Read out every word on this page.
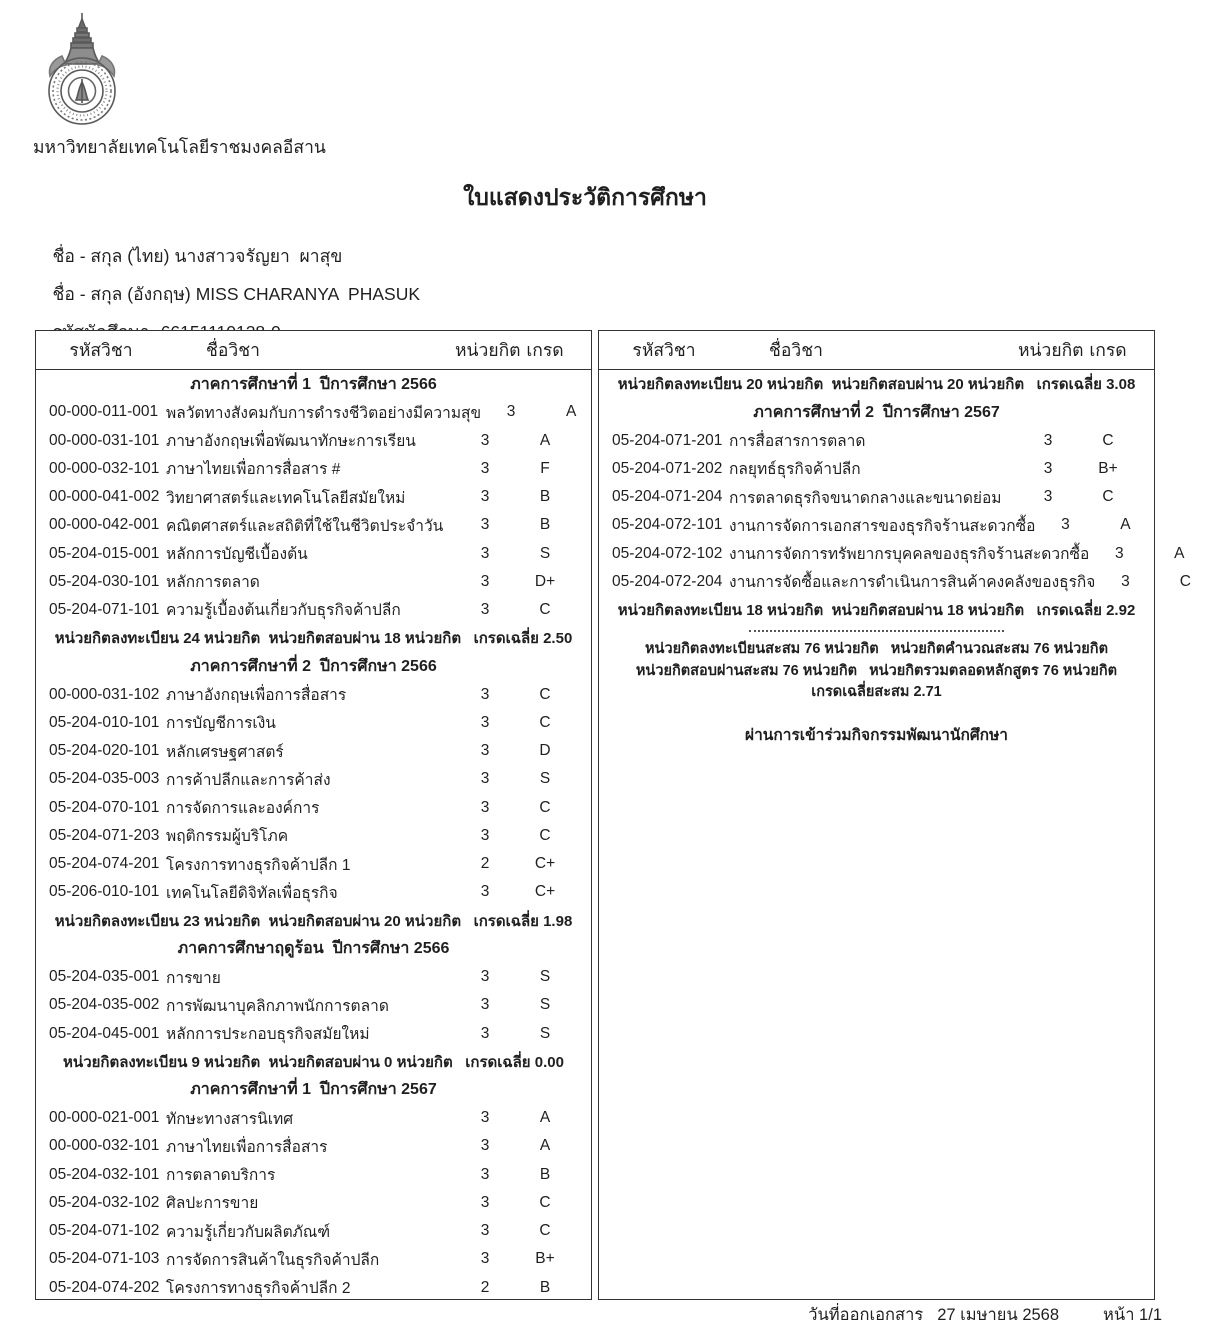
มหาวิทยาลัยเทคโนโลยีราชมงคลอีสาน
ใบแสดงประวัติการศึกษา

ชื่อ - สกุล (ไทย) นางสาวจรัญยา  ผาสุข

ชื่อ - สกุล (อังกฤษ) MISS CHARANYA  PHASUK

รหัสวิชา	ชื่อวิชา	หน่วยกิต เกรด
ภาคการศึกษาที่ 1  ปีการศึกษา 2566
00-000-011-001 พลวัตทางสังคมกับการดำรงชีวิตอย่างมีความสุข	3	A
00-000-031-101 ภาษาอังกฤษเพื่อพัฒนาทักษะการเรียน	3	A
00-000-032-101 ภาษาไทยเพื่อการสื่อสาร #	3	F
00-000-041-002 วิทยาศาสตร์และเทคโนโลยีสมัยใหม่	3	B
00-000-042-001 คณิตศาสตร์และสถิติที่ใช้ในชีวิตประจำวัน	3	B
05-204-015-001 หลักการบัญชีเบื้องต้น	3	S
05-204-030-101 หลักการตลาด	3	D+
05-204-071-101 ความรู้เบื้องต้นเกี่ยวกับธุรกิจค้าปลีก	3	C
หน่วยกิตลงทะเบียน 24 หน่วยกิต  หน่วยกิตสอบผ่าน 18 หน่วยกิต   เกรดเฉลี่ย 2.50
ภาคการศึกษาที่ 2  ปีการศึกษา 2566
00-000-031-102 ภาษาอังกฤษเพื่อการสื่อสาร	3	C
05-204-010-101 การบัญชีการเงิน	3	C
05-204-020-101 หลักเศรษฐศาสตร์	3	D
05-204-035-003 การค้าปลีกและการค้าส่ง	3	S
05-204-070-101 การจัดการและองค์การ	3	C
05-204-071-203 พฤติกรรมผู้บริโภค	3	C
05-204-074-201 โครงการทางธุรกิจค้าปลีก 1	2	C+
05-206-010-101 เทคโนโลยีดิจิทัลเพื่อธุรกิจ	3	C+
หน่วยกิตลงทะเบียน 23 หน่วยกิต  หน่วยกิตสอบผ่าน 20 หน่วยกิต   เกรดเฉลี่ย 1.98
ภาคการศึกษาฤดูร้อน  ปีการศึกษา 2566
05-204-035-001 การขาย	3	S
05-204-035-002 การพัฒนาบุคลิกภาพนักการตลาด	3	S
05-204-045-001 หลักการประกอบธุรกิจสมัยใหม่	3	S
หน่วยกิตลงทะเบียน 9 หน่วยกิต  หน่วยกิตสอบผ่าน 0 หน่วยกิต   เกรดเฉลี่ย 0.00
ภาคการศึกษาที่ 1  ปีการศึกษา 2567
00-000-021-001 ทักษะทางสารนิเทศ	3	A
00-000-032-101 ภาษาไทยเพื่อการสื่อสาร	3	A
05-204-032-101 การตลาดบริการ	3	B
05-204-032-102 ศิลปะการขาย	3	C
05-204-071-102 ความรู้เกี่ยวกับผลิตภัณฑ์	3	C
05-204-071-103 การจัดการสินค้าในธุรกิจค้าปลีก	3	B+
05-204-074-202 โครงการทางธุรกิจค้าปลีก 2	2	B
รหัสวิชา	ชื่อวิชา	หน่วยกิต เกรด
หน่วยกิตลงทะเบียน 20 หน่วยกิต  หน่วยกิตสอบผ่าน 20 หน่วยกิต   เกรดเฉลี่ย 3.08
ภาคการศึกษาที่ 2  ปีการศึกษา 2567
05-204-071-201 การสื่อสารการตลาด	3	C
05-204-071-202 กลยุทธ์ธุรกิจค้าปลีก	3	B+
05-204-071-204 การตลาดธุรกิจขนาดกลางและขนาดย่อม	3	C
05-204-072-101 งานการจัดการเอกสารของธุรกิจร้านสะดวกซื้อ	3	A
05-204-072-102 งานการจัดการทรัพยากรบุคคลของธุรกิจร้านสะดวกซื้อ	3	A
05-204-072-204 งานการจัดซื้อและการดำเนินการสินค้าคงคลังของธุรกิจ	3	C
หน่วยกิตลงทะเบียน 18 หน่วยกิต  หน่วยกิตสอบผ่าน 18 หน่วยกิต   เกรดเฉลี่ย 2.92
หน่วยกิตลงทะเบียนสะสม 76 หน่วยกิต   หน่วยกิตคำนวณสะสม 76 หน่วยกิต
หน่วยกิตสอบผ่านสะสม 76 หน่วยกิต   หน่วยกิตรวมตลอดหลักสูตร 76 หน่วยกิต
เกรดเฉลี่ยสะสม 2.71
ผ่านการเข้าร่วมกิจกรรมพัฒนานักศึกษา
วันที่ออกเอกสาร 27 เมษายน 2568	หน้า 1/1
